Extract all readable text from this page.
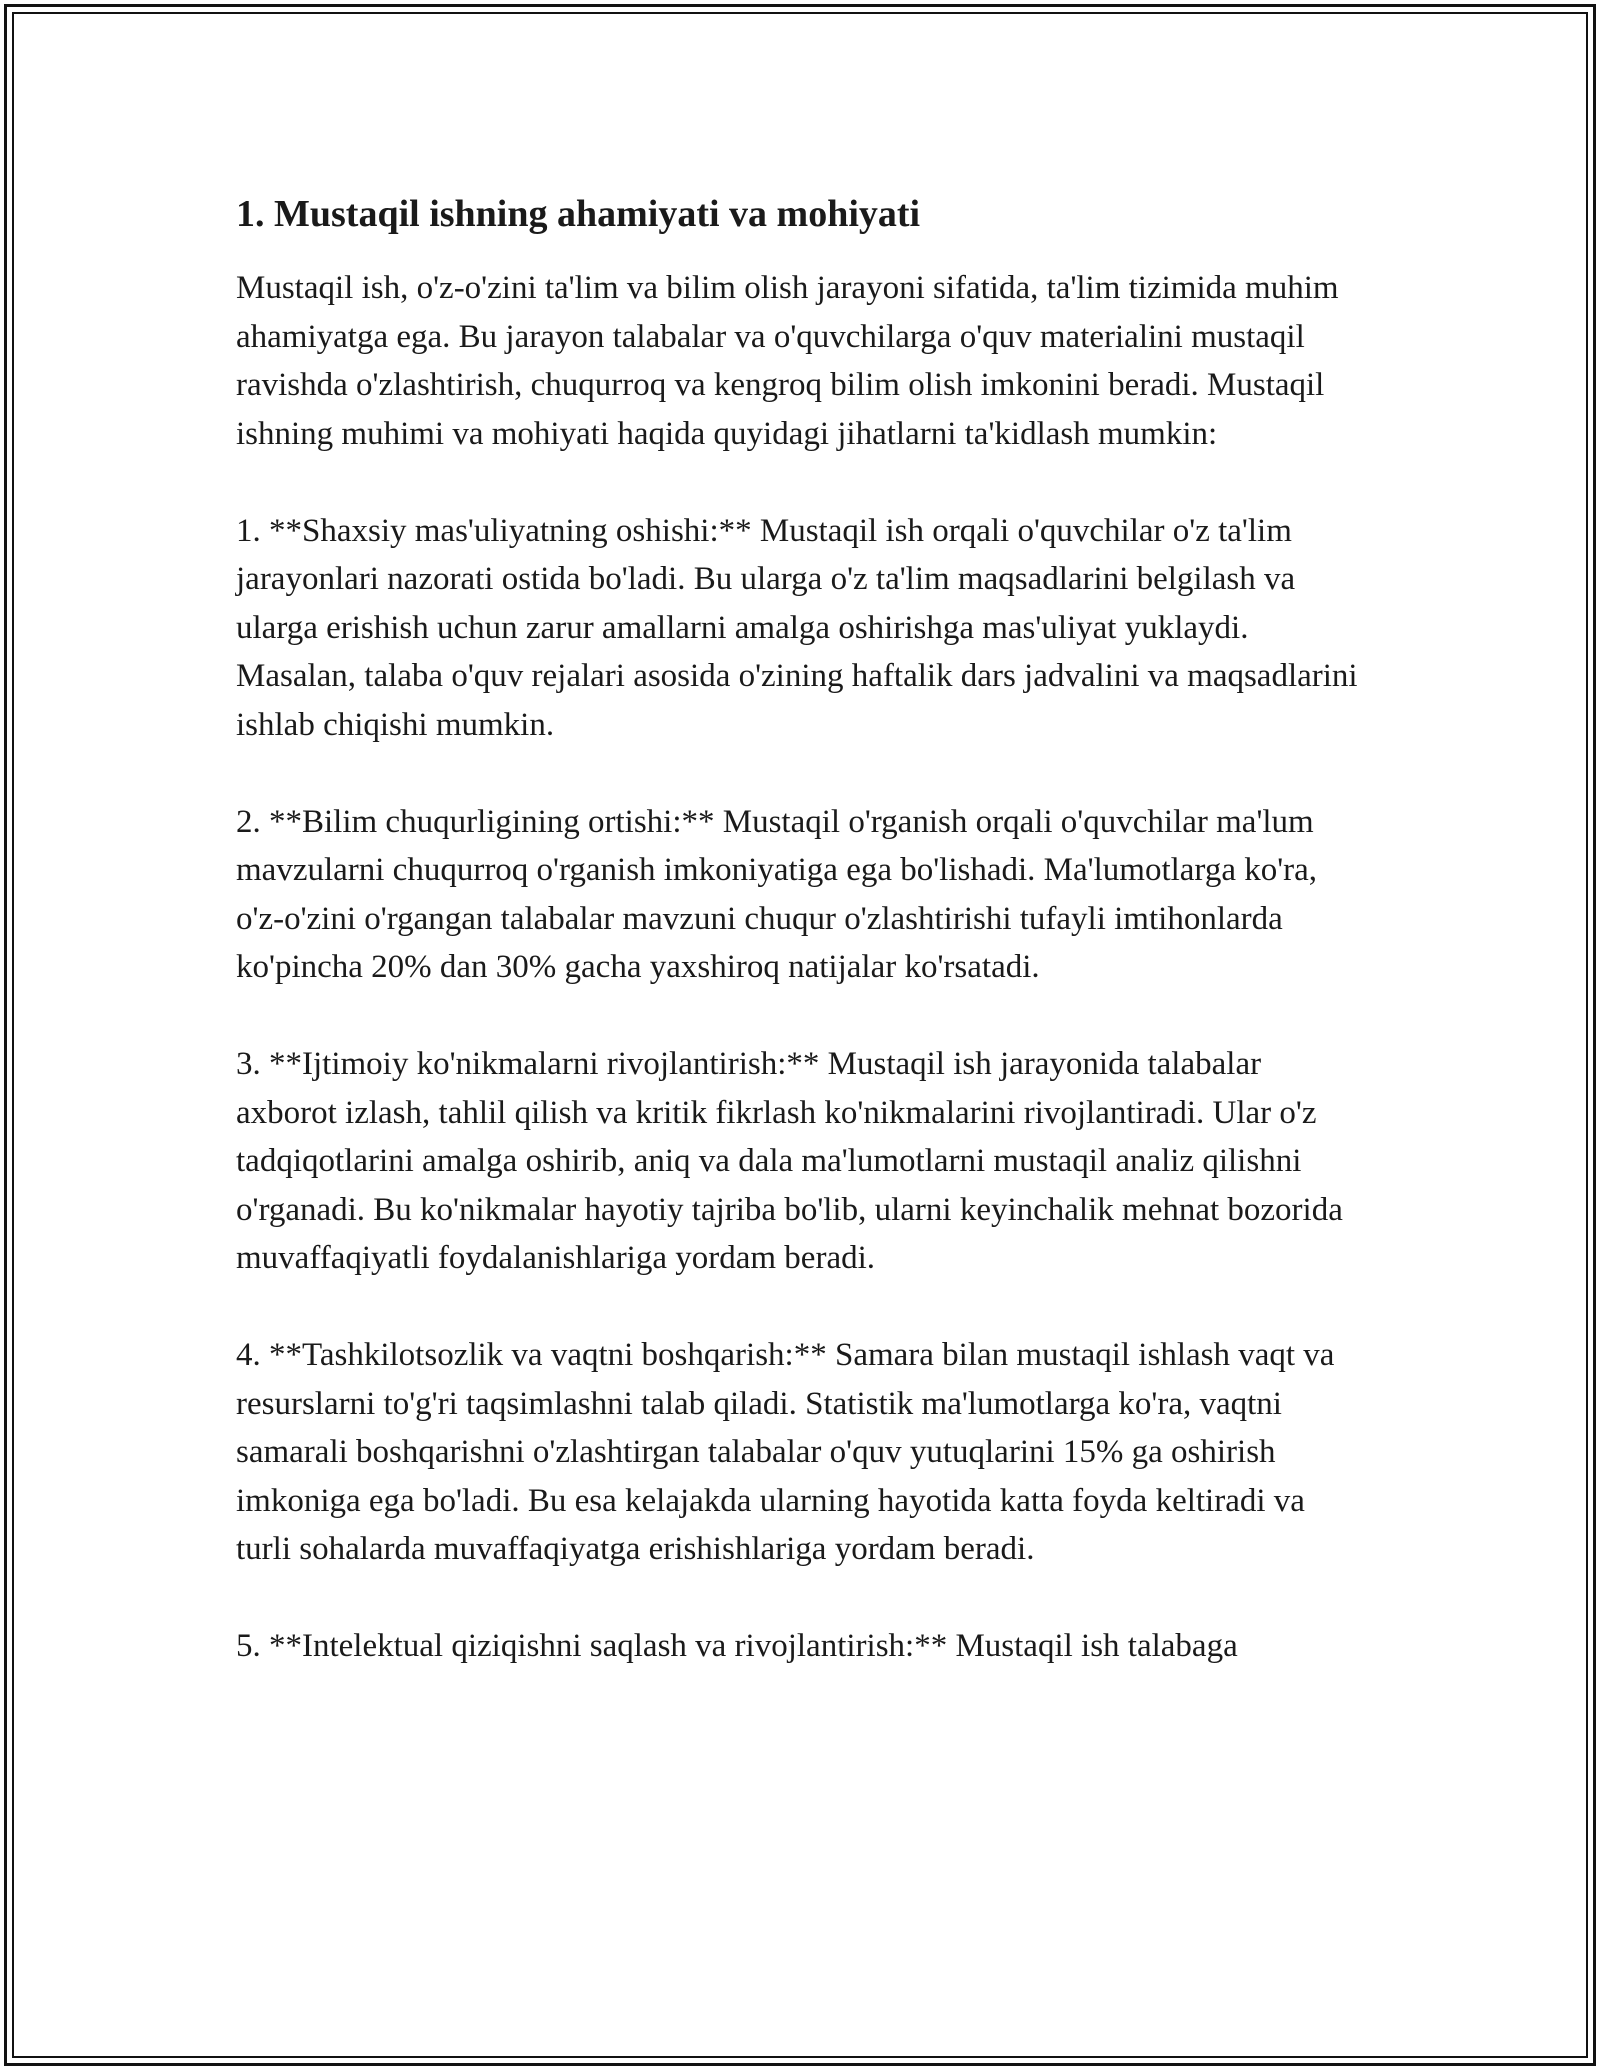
1. Mustaqil ishning ahamiyati va mohiyati

Mustaqil ish, o'z-o'zini ta'lim va bilim olish jarayoni sifatida, ta'lim tizimida muhim ahamiyatga ega. Bu jarayon talabalar va o'quvchilarga o'quv materialini mustaqil ravishda o'zlashtirish, chuqurroq va kengroq bilim olish imkonini beradi. Mustaqil ishning muhimi va mohiyati haqida quyidagi jihatlarni ta'kidlash mumkin:

1. **Shaxsiy mas'uliyatning oshishi:** Mustaqil ish orqali o'quvchilar o'z ta'lim jarayonlari nazorati ostida bo'ladi. Bu ularga o'z ta'lim maqsadlarini belgilash va ularga erishish uchun zarur amallarni amalga oshirishga mas'uliyat yuklaydi. Masalan, talaba o'quv rejalari asosida o'zining haftalik dars jadvalini va maqsadlarini ishlab chiqishi mumkin.

2. **Bilim chuqurligining ortishi:** Mustaqil o'rganish orqali o'quvchilar ma'lum mavzularni chuqurroq o'rganish imkoniyatiga ega bo'lishadi. Ma'lumotlarga ko'ra, o'z-o'zini o'rgangan talabalar mavzuni chuqur o'zlashtirishi tufayli imtihonlarda ko'pincha 20% dan 30% gacha yaxshiroq natijalar ko'rsatadi.

3. **Ijtimoiy ko'nikmalarni rivojlantirish:** Mustaqil ish jarayonida talabalar axborot izlash, tahlil qilish va kritik fikrlash ko'nikmalarini rivojlantiradi. Ular o'z tadqiqotlarini amalga oshirib, aniq va dala ma'lumotlarni mustaqil analiz qilishni o'rganadi. Bu ko'nikmalar hayotiy tajriba bo'lib, ularni keyinchalik mehnat bozorida muvaffaqiyatli foydalanishlariga yordam beradi.

4. **Tashkilotsozlik va vaqtni boshqarish:** Samara bilan mustaqil ishlash vaqt va resurslarni to'g'ri taqsimlashni talab qiladi. Statistik ma'lumotlarga ko'ra, vaqtni samarali boshqarishni o'zlashtirgan talabalar o'quv yutuqlarini 15% ga oshirish imkoniga ega bo'ladi. Bu esa kelajakda ularning hayotida katta foyda keltiradi va turli sohalarda muvaffaqiyatga erishishlariga yordam beradi.

5. **Intelektual qiziqishni saqlash va rivojlantirish:** Mustaqil ish talabaga
